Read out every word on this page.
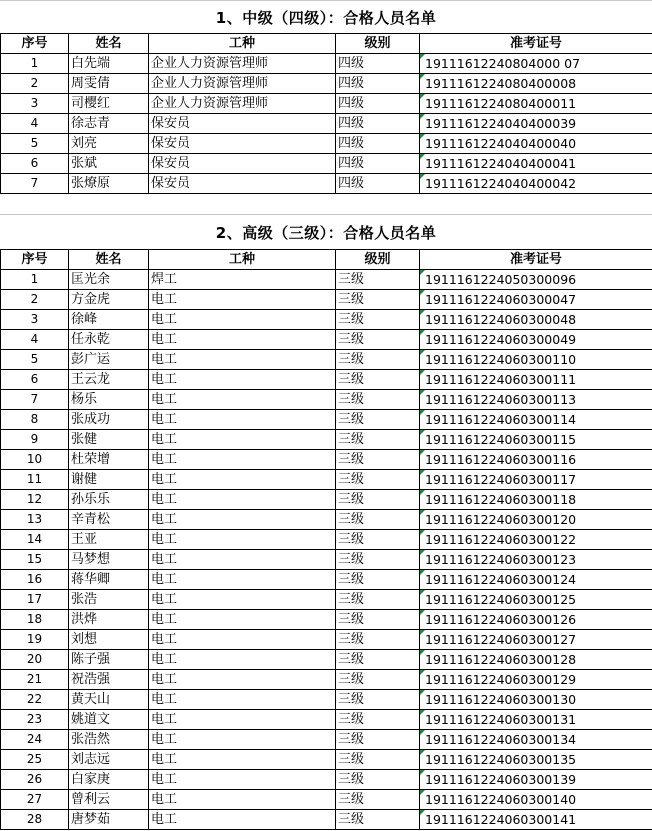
1、中级（四级）：合格人员名单
序号	姓名	工种	级别	准考证号
1	白先端	企业人力资源管理师	四级	19111612240804000 07
2	周雯倩	企业人力资源管理师	四级	1911161224080400008
3	司樱红	企业人力资源管理师	四级	1911161224080400011
4	徐志青	保安员	四级	1911161224040400039
5	刘亮	保安员	四级	1911161224040400040
6	张斌	保安员	四级	1911161224040400041
7	张燎原	保安员	四级	1911161224040400042
2、高级（三级）：合格人员名单
序号	姓名	工种	级别	准考证号
1	匡光余	焊工	三级	1911161224050300096
2	方金虎	电工	三级	1911161224060300047
3	徐峰	电工	三级	1911161224060300048
4	任永乾	电工	三级	1911161224060300049
5	彭广运	电工	三级	1911161224060300110
6	王云龙	电工	三级	1911161224060300111
7	杨乐	电工	三级	1911161224060300113
8	张成功	电工	三级	1911161224060300114
9	张健	电工	三级	1911161224060300115
10	杜荣增	电工	三级	1911161224060300116
11	谢健	电工	三级	1911161224060300117
12	孙乐乐	电工	三级	1911161224060300118
13	辛青松	电工	三级	1911161224060300120
14	王亚	电工	三级	1911161224060300122
15	马梦想	电工	三级	1911161224060300123
16	蒋华卿	电工	三级	1911161224060300124
17	张浩	电工	三级	1911161224060300125
18	洪烨	电工	三级	1911161224060300126
19	刘想	电工	三级	1911161224060300127
20	陈子强	电工	三级	1911161224060300128
21	祝浩强	电工	三级	1911161224060300129
22	黄天山	电工	三级	1911161224060300130
23	姚道文	电工	三级	1911161224060300131
24	张浩然	电工	三级	1911161224060300134
25	刘志远	电工	三级	1911161224060300135
26	白家庚	电工	三级	1911161224060300139
27	曾利云	电工	三级	1911161224060300140
28	唐梦茹	电工	三级	1911161224060300141
